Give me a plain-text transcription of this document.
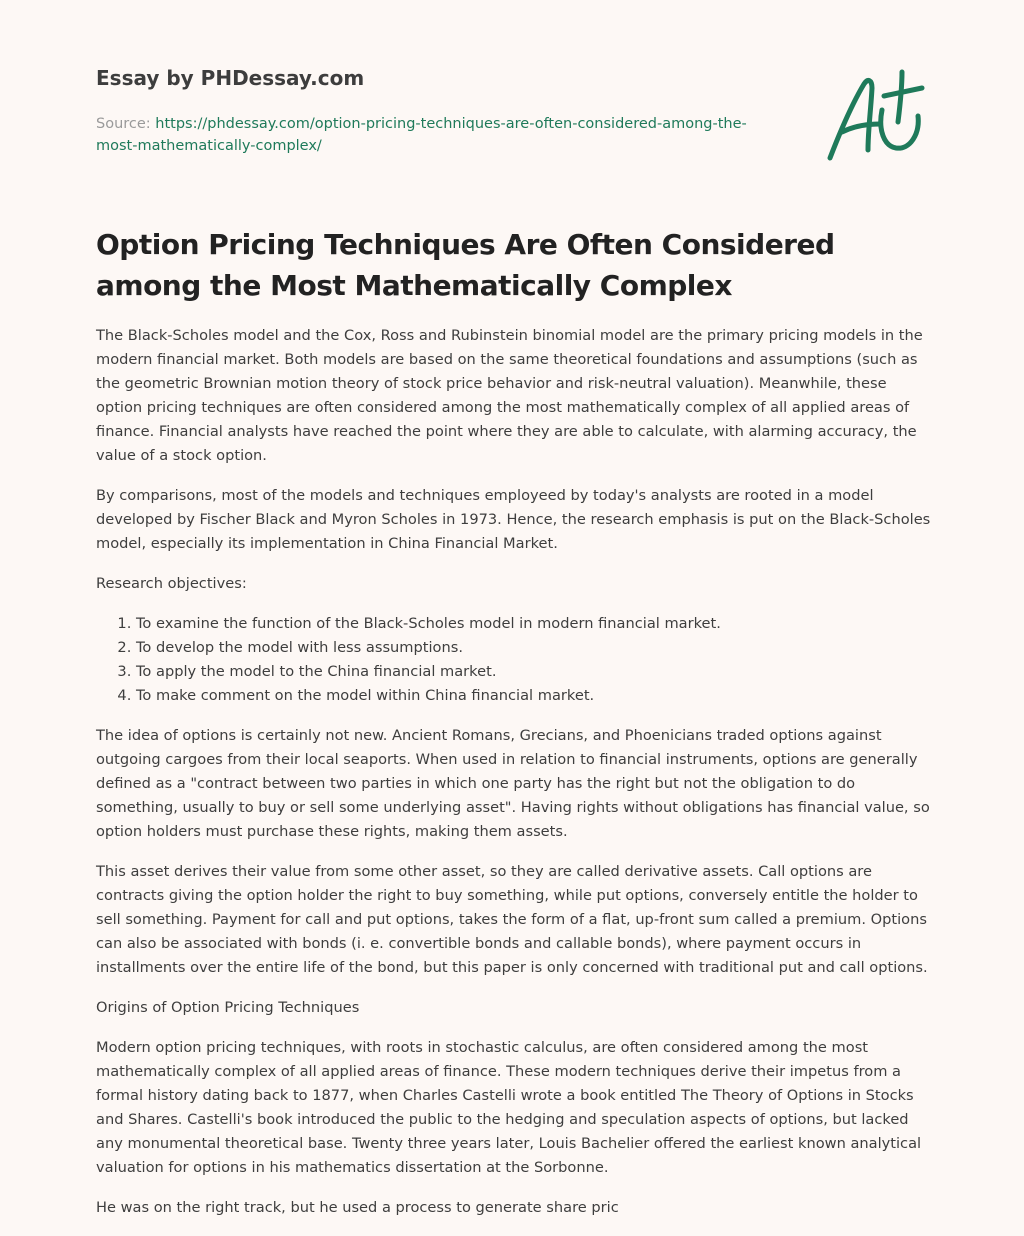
Essay by PHDessay.com
Source: https://phdessay.com/option-pricing-techniques-are-often-considered-among-the-most-mathematically-complex/
Option Pricing Techniques Are Often Considered among the Most Mathematically Complex

The Black-Scholes model and the Cox, Ross and Rubinstein binomial model are the primary pricing models in the modern financial market. Both models are based on the same theoretical foundations and assumptions (such as the geometric Brownian motion theory of stock price behavior and risk-neutral valuation). Meanwhile, these option pricing techniques are often considered among the most mathematically complex of all applied areas of finance. Financial analysts have reached the point where they are able to calculate, with alarming accuracy, the value of a stock option.

By comparisons, most of the models and techniques employeed by today's analysts are rooted in a model developed by Fischer Black and Myron Scholes in 1973. Hence, the research emphasis is put on the Black-Scholes model, especially its implementation in China Financial Market.

Research objectives:

1. To examine the function of the Black-Scholes model in modern financial market.
2. To develop the model with less assumptions.
3. To apply the model to the China financial market.
4. To make comment on the model within China financial market.

The idea of options is certainly not new. Ancient Romans, Grecians, and Phoenicians traded options against outgoing cargoes from their local seaports. When used in relation to financial instruments, options are generally defined as a "contract between two parties in which one party has the right but not the obligation to do something, usually to buy or sell some underlying asset". Having rights without obligations has financial value, so option holders must purchase these rights, making them assets.

This asset derives their value from some other asset, so they are called derivative assets. Call options are contracts giving the option holder the right to buy something, while put options, conversely entitle the holder to sell something. Payment for call and put options, takes the form of a flat, up-front sum called a premium. Options can also be associated with bonds (i. e. convertible bonds and callable bonds), where payment occurs in installments over the entire life of the bond, but this paper is only concerned with traditional put and call options.

Origins of Option Pricing Techniques

Modern option pricing techniques, with roots in stochastic calculus, are often considered among the most mathematically complex of all applied areas of finance. These modern techniques derive their impetus from a formal history dating back to 1877, when Charles Castelli wrote a book entitled The Theory of Options in Stocks and Shares. Castelli's book introduced the public to the hedging and speculation aspects of options, but lacked any monumental theoretical base. Twenty three years later, Louis Bachelier offered the earliest known analytical valuation for options in his mathematics dissertation at the Sorbonne.

He was on the right track, but he used a process to generate share pric
